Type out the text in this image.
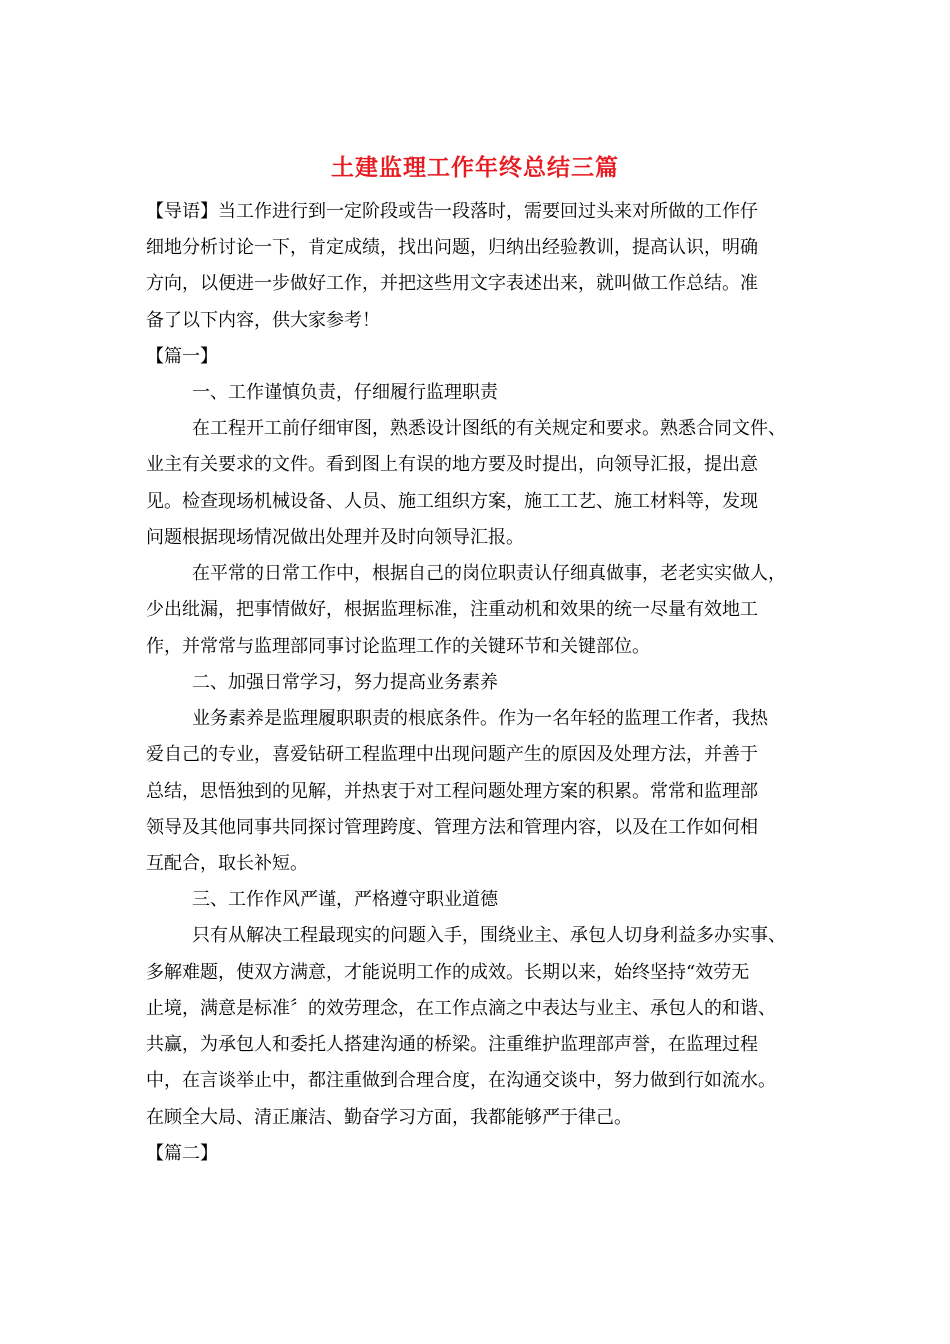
土建监理工作年终总结三篇

【导语】当工作进行到一定阶段或告一段落时，需要回过头来对所做的工作仔

细地分析讨论一下，肯定成绩，找出问题，归纳出经验教训，提高认识，明确

方向，以便进一步做好工作，并把这些用文字表述出来，就叫做工作总结。准

备了以下内容，供大家参考！

【篇一】

一、工作谨慎负责，仔细履行监理职责

在工程开工前仔细审图，熟悉设计图纸的有关规定和要求。熟悉合同文件、

业主有关要求的文件。看到图上有误的地方要及时提出，向领导汇报，提出意

见。检查现场机械设备、人员、施工组织方案，施工工艺、施工材料等，发现

问题根据现场情况做出处理并及时向领导汇报。

在平常的日常工作中，根据自己的岗位职责认仔细真做事，老老实实做人，

少出纰漏，把事情做好，根据监理标准，注重动机和效果的统一尽量有效地工

作，并常常与监理部同事讨论监理工作的关键环节和关键部位。

二、加强日常学习，努力提高业务素养

业务素养是监理履职职责的根底条件。作为一名年轻的监理工作者，我热

爱自己的专业，喜爱钻研工程监理中出现问题产生的原因及处理方法，并善于

总结，思悟独到的见解，并热衷于对工程问题处理方案的积累。常常和监理部

领导及其他同事共同探讨管理跨度、管理方法和管理内容，以及在工作如何相

互配合，取长补短。

三、工作作风严谨，严格遵守职业道德

只有从解决工程最现实的问题入手，围绕业主、承包人切身利益多办实事、

多解难题，使双方满意，才能说明工作的成效。长期以来，始终坚持“效劳无

止境，满意是标准〞的效劳理念，在工作点滴之中表达与业主、承包人的和谐、

共赢，为承包人和委托人搭建沟通的桥梁。注重维护监理部声誉，在监理过程

中，在言谈举止中，都注重做到合理合度，在沟通交谈中，努力做到行如流水。

在顾全大局、清正廉洁、勤奋学习方面，我都能够严于律己。

【篇二】
